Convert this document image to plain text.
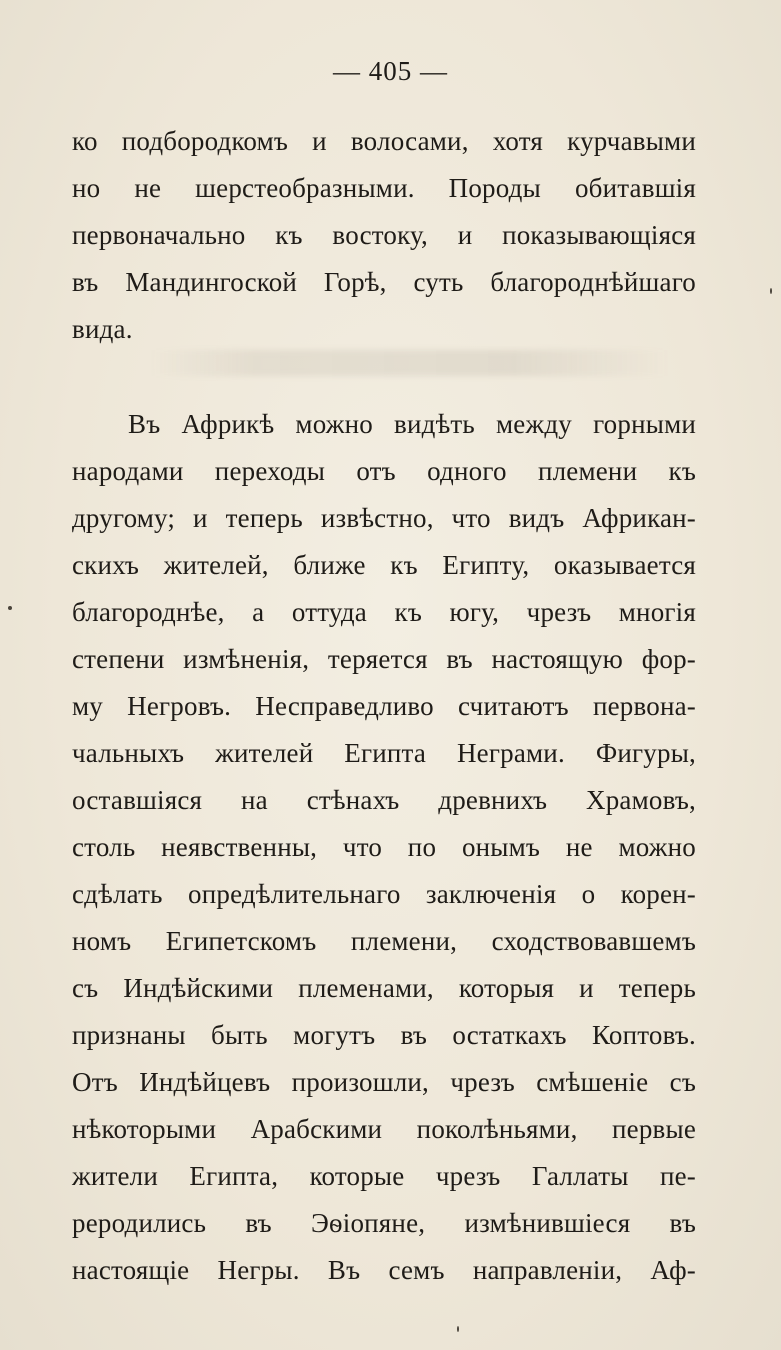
— 405 —
ко подбородкомъ и волосами, хотя курчавыми
но не шерстеобразными. Породы обитавшія
первоначально къ востоку, и показывающіяся
въ Мандингоской Горѣ, суть благороднѣйшаго
вида.
Въ Африкѣ можно видѣть между горными
народами переходы отъ одного племени къ
другому; и теперь извѣстно, что видъ Африкан-
скихъ жителей, ближе къ Египту, оказывается
благороднѣе, а оттуда къ югу, чрезъ многія
степени измѣненія, теряется въ настоящую фор-
му Негровъ. Несправедливо считаютъ первона-
чальныхъ жителей Египта Неграми. Фигуры,
оставшіяся на стѣнахъ древнихъ Храмовъ,
столь неявственны, что по онымъ не можно
сдѣлать опредѣлительнаго заключенія о корен-
номъ Египетскомъ племени, сходствовавшемъ
съ Индѣйскими племенами, которыя и теперь
признаны быть могутъ въ остаткахъ Коптовъ.
Отъ Индѣйцевъ произошли, чрезъ смѣшеніе съ
нѣкоторыми Арабскими поколѣньями, первые
жители Египта, которые чрезъ Галлаты пе-
реродились въ Эѳіопяне, измѣнившіеся въ
настоящіе Негры. Въ семъ направленіи, Аф-
